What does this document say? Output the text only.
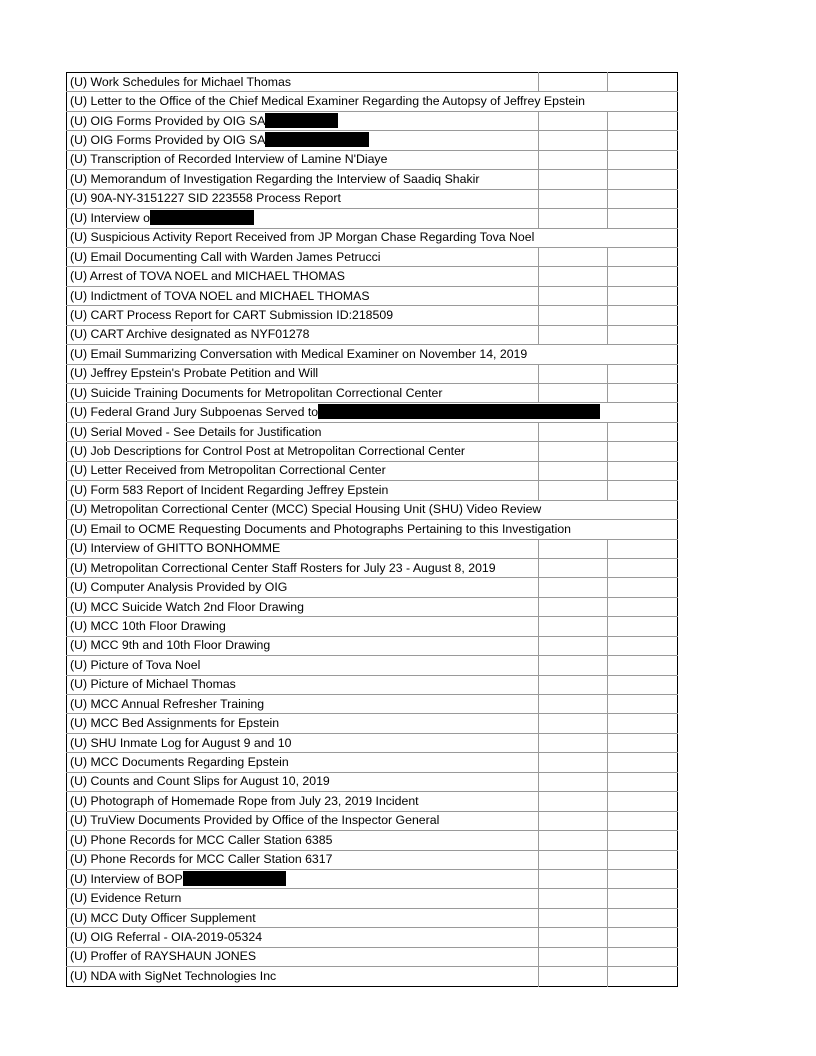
(U) Work Schedules for Michael Thomas		
(U) Letter to the Office of the Chief Medical Examiner Regarding the Autopsy of Jeffrey Epstein		
(U) OIG Forms Provided by OIG SA		
(U) OIG Forms Provided by OIG SA		
(U) Transcription of Recorded Interview of Lamine N'Diaye		
(U) Memorandum of Investigation Regarding the Interview of Saadiq Shakir		
(U) 90A-NY-3151227 SID 223558 Process Report		
(U) Interview o		
(U) Suspicious Activity Report Received from JP Morgan Chase Regarding Tova Noel		
(U) Email Documenting Call with Warden James Petrucci		
(U) Arrest of TOVA NOEL and MICHAEL THOMAS		
(U) Indictment of TOVA NOEL and MICHAEL THOMAS		
(U) CART Process Report for CART Submission ID:218509		
(U) CART Archive designated as NYF01278		
(U) Email Summarizing Conversation with Medical Examiner on November 14, 2019		
(U) Jeffrey Epstein's Probate Petition and Will		
(U) Suicide Training Documents for Metropolitan Correctional Center		
(U) Federal Grand Jury Subpoenas Served to		
(U) Serial Moved - See Details for Justification		
(U) Job Descriptions for Control Post at Metropolitan Correctional Center		
(U) Letter Received from Metropolitan Correctional Center		
(U) Form 583 Report of Incident Regarding Jeffrey Epstein		
(U) Metropolitan Correctional Center (MCC) Special Housing Unit (SHU) Video Review		
(U) Email to OCME Requesting Documents and Photographs Pertaining to this Investigation		
(U) Interview of GHITTO BONHOMME		
(U) Metropolitan Correctional Center Staff Rosters for July 23 - August 8, 2019		
(U) Computer Analysis Provided by OIG		
(U) MCC Suicide Watch 2nd Floor Drawing		
(U) MCC 10th Floor Drawing		
(U) MCC 9th and 10th Floor Drawing		
(U) Picture of Tova Noel		
(U) Picture of Michael Thomas		
(U) MCC Annual Refresher Training		
(U) MCC Bed Assignments for Epstein		
(U) SHU Inmate Log for August 9 and 10		
(U) MCC Documents Regarding Epstein		
(U) Counts and Count Slips for August 10, 2019		
(U) Photograph of Homemade Rope from July 23, 2019 Incident		
(U) TruView Documents Provided by Office of the Inspector General		
(U) Phone Records for MCC Caller Station 6385		
(U) Phone Records for MCC Caller Station 6317		
(U) Interview of BOP		
(U) Evidence Return		
(U) MCC Duty Officer Supplement		
(U) OIG Referral - OIA-2019-05324		
(U) Proffer of RAYSHAUN JONES		
(U) NDA with SigNet Technologies Inc		
